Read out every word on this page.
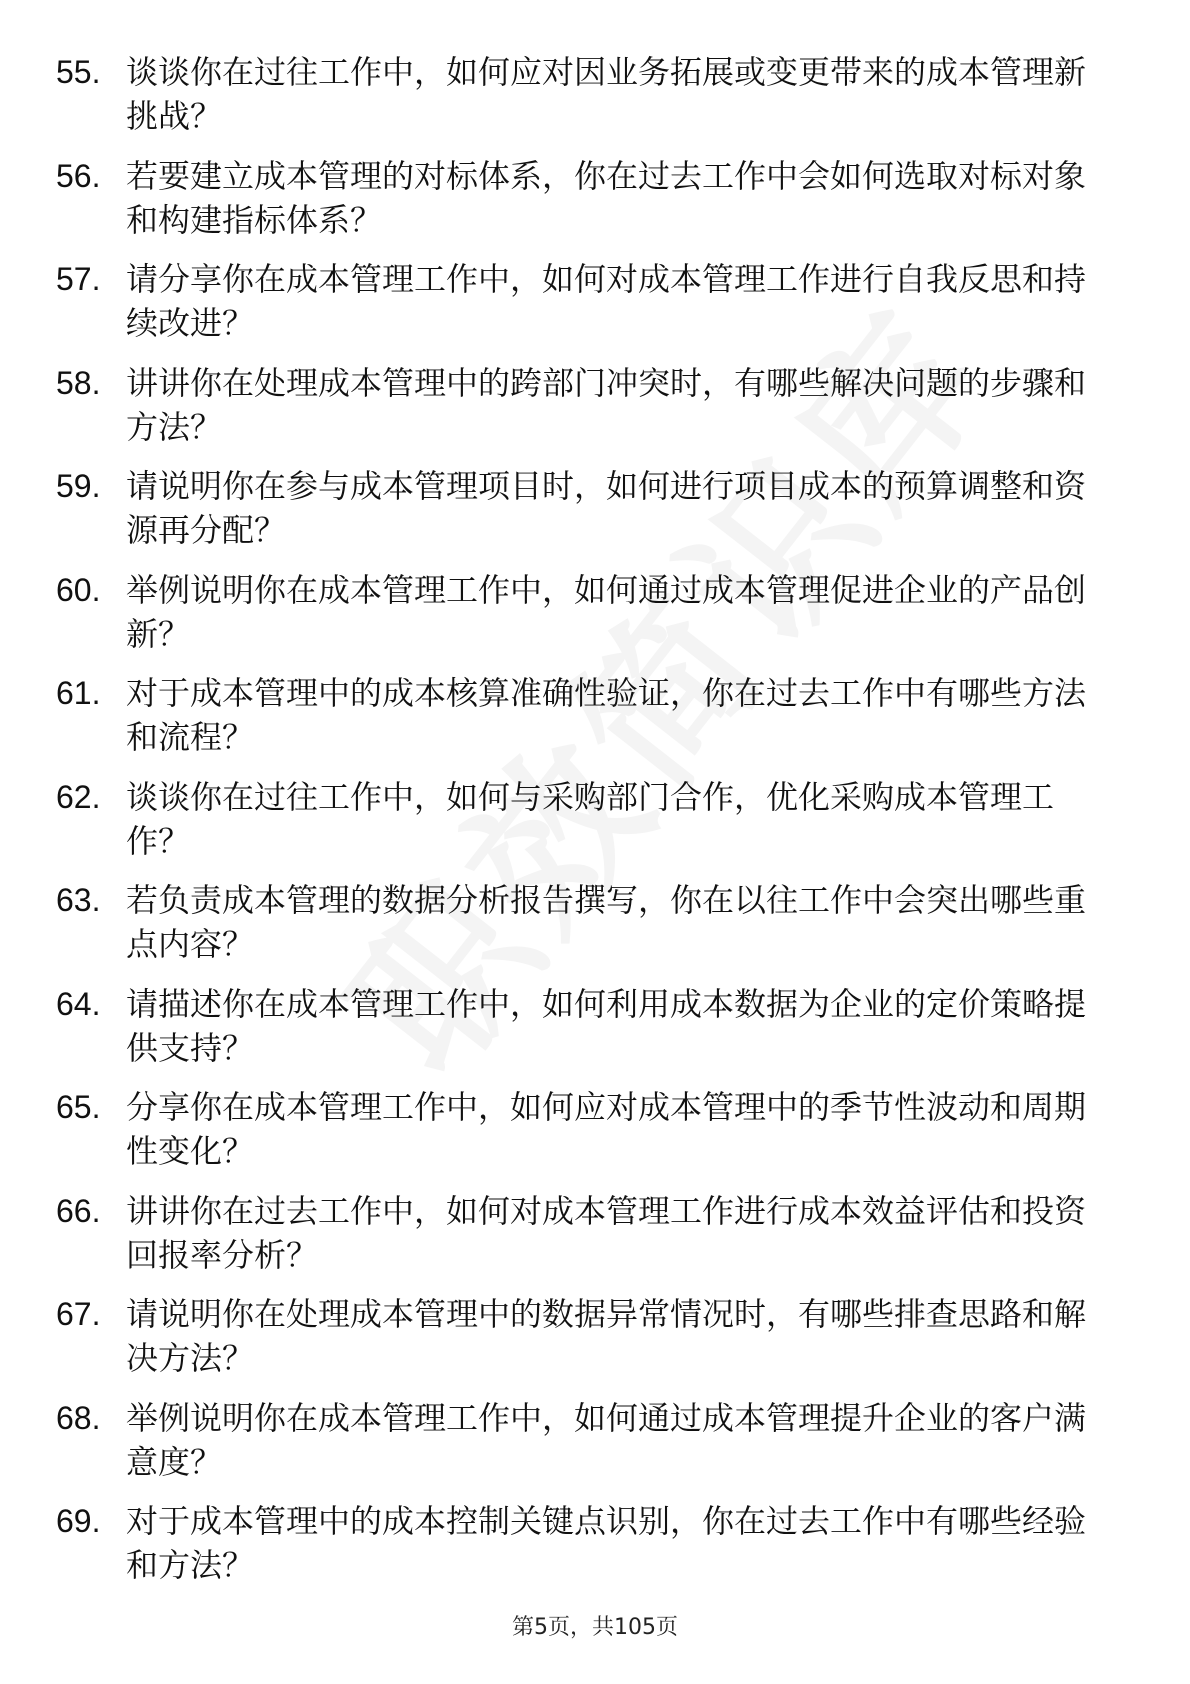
55. 谈谈你在过往工作中，如何应对因业务拓展或变更带来的成本管理新挑战？
56. 若要建立成本管理的对标体系，你在过去工作中会如何选取对标对象和构建指标体系？
57. 请分享你在成本管理工作中，如何对成本管理工作进行自我反思和持续改进？
58. 讲讲你在处理成本管理中的跨部门冲突时，有哪些解决问题的步骤和方法？
59. 请说明你在参与成本管理项目时，如何进行项目成本的预算调整和资源再分配？
60. 举例说明你在成本管理工作中，如何通过成本管理促进企业的产品创新？
61. 对于成本管理中的成本核算准确性验证，你在过去工作中有哪些方法和流程？
62. 谈谈你在过往工作中，如何与采购部门合作，优化采购成本管理工作？
63. 若负责成本管理的数据分析报告撰写，你在以往工作中会突出哪些重点内容？
64. 请描述你在成本管理工作中，如何利用成本数据为企业的定价策略提供支持？
65. 分享你在成本管理工作中，如何应对成本管理中的季节性波动和周期性变化？
66. 讲讲你在过去工作中，如何对成本管理工作进行成本效益评估和投资回报率分析？
67. 请说明你在处理成本管理中的数据异常情况时，有哪些排查思路和解决方法？
68. 举例说明你在成本管理工作中，如何通过成本管理提升企业的客户满意度？
69. 对于成本管理中的成本控制关键点识别，你在过去工作中有哪些经验和方法？
第5页，共105页
